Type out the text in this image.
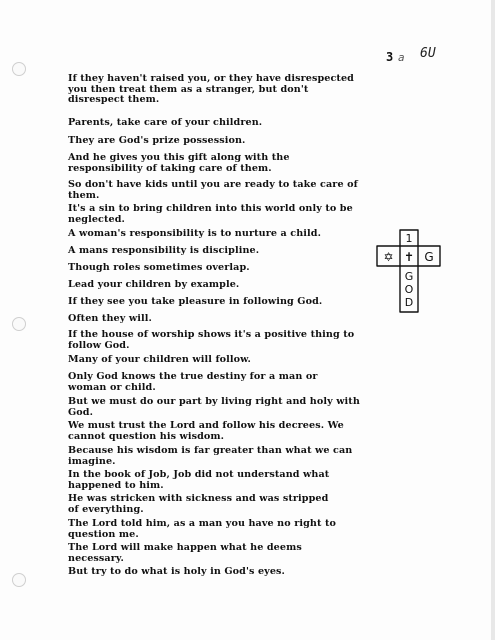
3 a 6U

If they haven't raised you, or they have disrespected
you then treat them as a stranger, but don't
disrespect them.

Parents, take care of your children.

They are God's prize possession.

And he gives you this gift along with the
responsibility of taking care of them.

So don't have kids until you are ready to take care of
them.

It's a sin to bring children into this world only to be
neglected.

A woman's responsibility is to nurture a child.

A mans responsibility is discipline.

Though roles sometimes overlap.

Lead your children by example.

If they see you take pleasure in following God.

Often they will.

If the house of worship shows it's a positive thing to
follow God.

Many of your children will follow.

Only God knows the true destiny for a man or
woman or child.

But we must do our part by living right and holy with
God.

We must trust the Lord and follow his decrees. We
cannot question his wisdom.

Because his wisdom is far greater than what we can
imagine.

In the book of Job, Job did not understand what
happened to him.

He was stricken with sickness and was stripped
of everything.

The Lord told him, as a man you have no right to
question me.

The Lord will make happen what he deems
necessary.

But try to do what is holy in God's eyes.

1
✡ ✝ G
G
O
D
